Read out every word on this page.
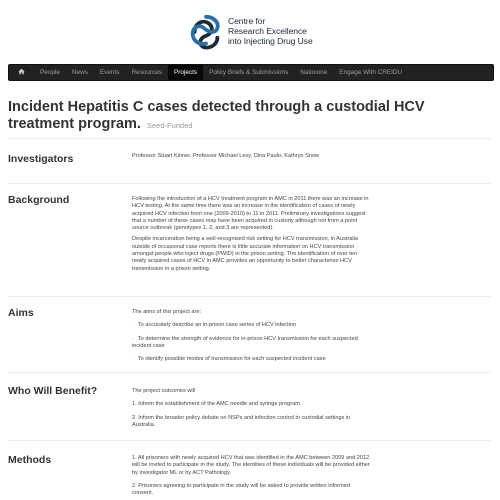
Centre for
Research Excellence
into Injecting Drug Use
People	News	Events	Resources	Projects	Policy Briefs & Submissions	Naloxone	Engage With CREIDU
Incident Hepatitis C cases detected through a custodial HCV treatment program. Seed-Funded
Investigators	Professor Stuart Kinner, Professor Michael Levy, Dina Paulo, Kathryn Snow
Background	Following the introduction of a HCV treatment program in AMC in 2011 there was an increase in HCV testing. At the same time there was an increase in the identification of cases of newly acquired HCV infection from one (2009-2010) to 11 in 2011. Preliminary investigations suggest that a number of these cases may have been acquired in custody although not from a point source outbreak (genotypes 1, 2, and 3 are represented).

Despite incarceration being a well-recognised risk setting for HCV transmission, in Australia outside of occasional case reports there is little accurate information on HCV transmission amongst people who inject drugs (PWID) in the prison setting. The identification of over ten newly acquired cases of HCV in AMC provides an opportunity to better characterise HCV transmission in a prison setting.

Aims	The aims of this project are:

· To accurately describe an in-prison case series of HCV infection
· To determine the strength of evidence for in-prison HCV transmission for each suspected incident case
· To identify possible modes of transmission for each suspected incident case
Who Will Benefit?	The project outcomes will

1. Inform the establishment of the AMC needle and syringe program.

2. Inform the broader policy debate on NSPs and infection control in custodial settings in Australia.

Methods	1. All prisoners with newly acquired HCV that was identified in the AMC between 2009 and 2012 will be invited to participate in the study. The identities of these individuals will be provided either by investigator ML or by ACT Pathology.

2. Prisoners agreeing to participate in the study will be asked to provide written informed consent.
